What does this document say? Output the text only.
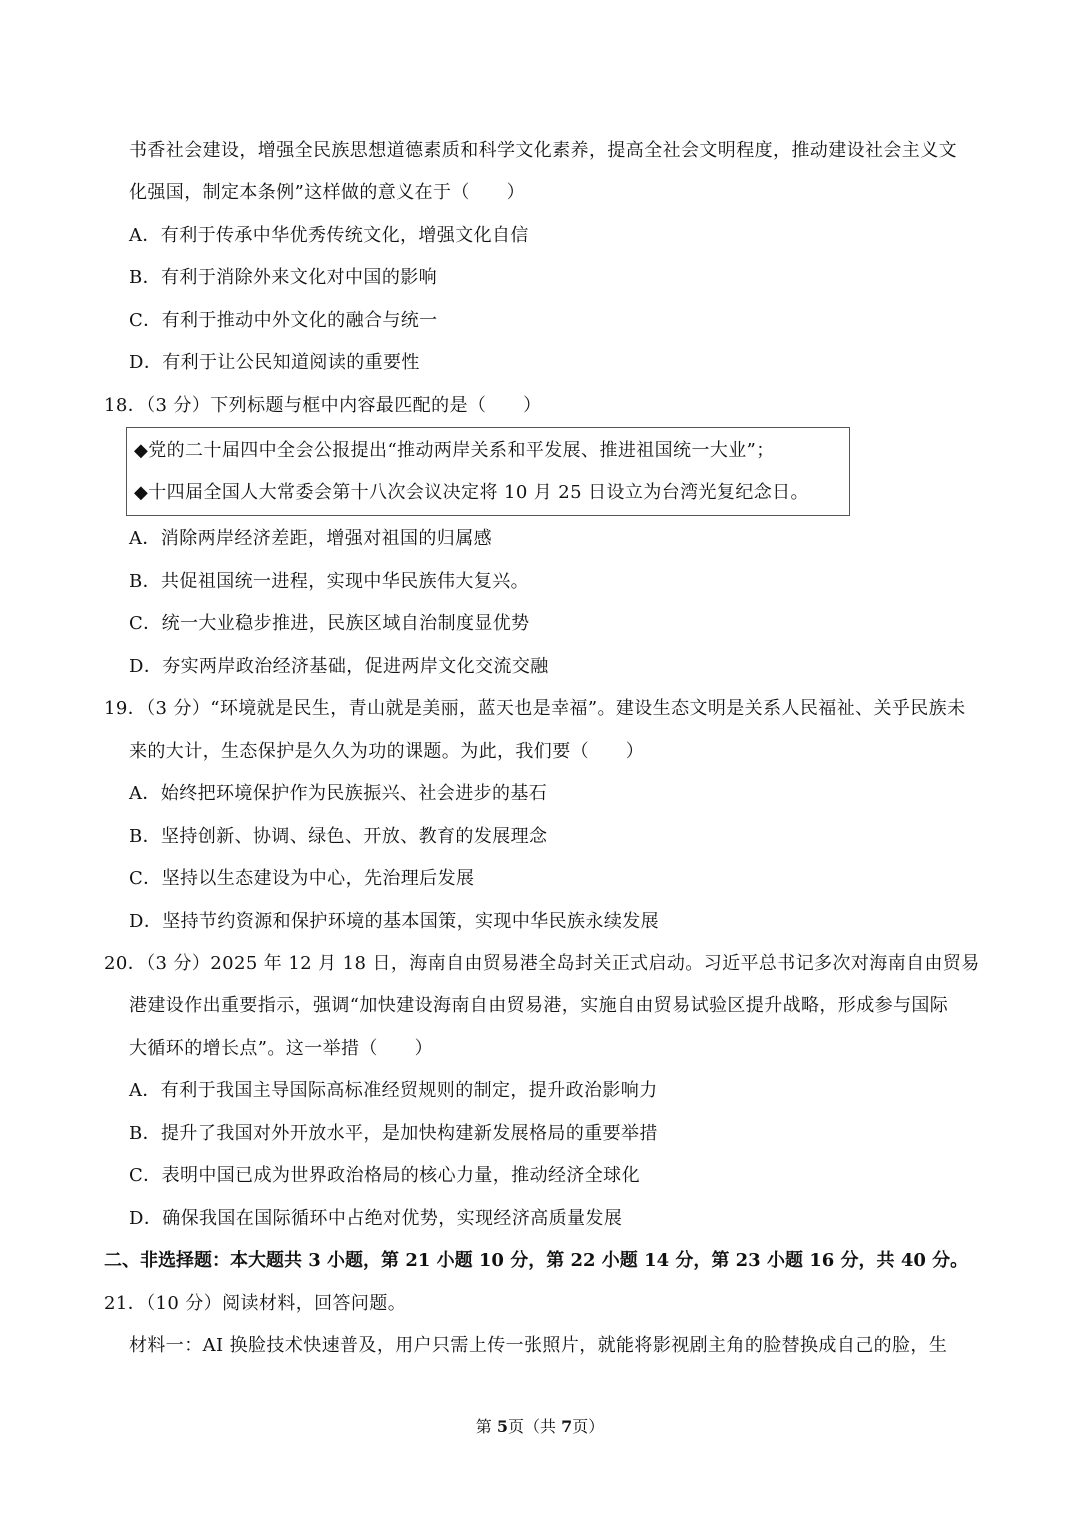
书香社会建设，增强全民族思想道德素质和科学文化素养，提高全社会文明程度，推动建设社会主义文
化强国，制定本条例”这样做的意义在于（　　）
A．有利于传承中华优秀传统文化，增强文化自信
B．有利于消除外来文化对中国的影响
C．有利于推动中外文化的融合与统一
D．有利于让公民知道阅读的重要性
18．（3 分）下列标题与框中内容最匹配的是（　　）
◆党的二十届四中全会公报提出“推动两岸关系和平发展、推进祖国统一大业”；
◆十四届全国人大常委会第十八次会议决定将 10 月 25 日设立为台湾光复纪念日。
A．消除两岸经济差距，增强对祖国的归属感
B．共促祖国统一进程，实现中华民族伟大复兴。
C．统一大业稳步推进，民族区域自治制度显优势
D．夯实两岸政治经济基础，促进两岸文化交流交融
19．（3 分）“环境就是民生，青山就是美丽，蓝天也是幸福”。建设生态文明是关系人民福祉、关乎民族未
来的大计，生态保护是久久为功的课题。为此，我们要（　　）
A．始终把环境保护作为民族振兴、社会进步的基石
B．坚持创新、协调、绿色、开放、教育的发展理念
C．坚持以生态建设为中心，先治理后发展
D．坚持节约资源和保护环境的基本国策，实现中华民族永续发展
20．（3 分）2025 年 12 月 18 日，海南自由贸易港全岛封关正式启动。习近平总书记多次对海南自由贸易
港建设作出重要指示，强调“加快建设海南自由贸易港，实施自由贸易试验区提升战略，形成参与国际
大循环的增长点”。这一举措（　　）
A．有利于我国主导国际高标准经贸规则的制定，提升政治影响力
B．提升了我国对外开放水平，是加快构建新发展格局的重要举措
C．表明中国已成为世界政治格局的核心力量，推动经济全球化
D．确保我国在国际循环中占绝对优势，实现经济高质量发展
二、非选择题：本大题共 3 小题，第 21 小题 10 分，第 22 小题 14 分，第 23 小题 16 分，共 40 分。
21．（10 分）阅读材料，回答问题。
材料一：AI 换脸技术快速普及，用户只需上传一张照片，就能将影视剧主角的脸替换成自己的脸，生
第 5页（共 7页）
